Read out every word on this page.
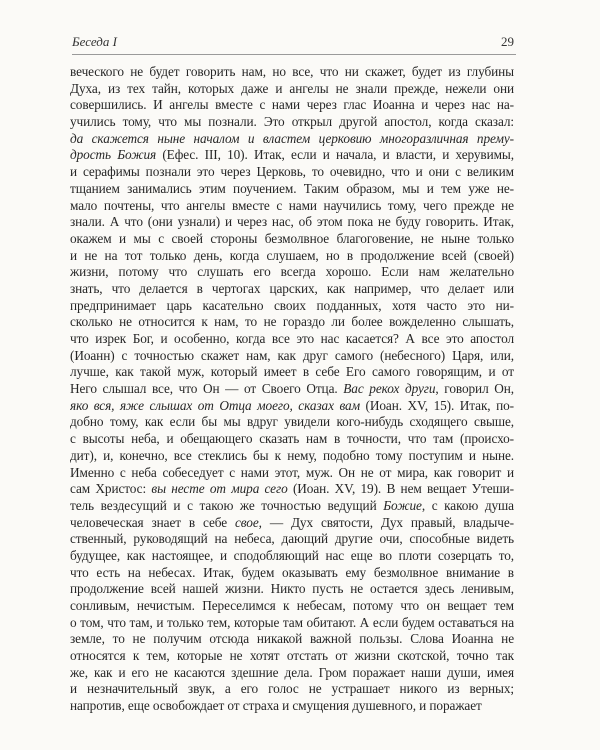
Беседа I	29
веческого не будет говорить нам, но все, что ни скажет, будет из глубины
Духа, из тех тайн, которых даже и ангелы не знали прежде, нежели они
совершились. И ангелы вместе с нами через глас Иоанна и через нас на-
учились тому, что мы познали. Это открыл другой апостол, когда сказал:
да скажется ныне началом и властем церковию многоразличная прему-
дрость Божия (Ефес. III, 10). Итак, если и начала, и власти, и херувимы,
и серафимы познали это через Церковь, то очевидно, что и они с великим
тщанием занимались этим поучением. Таким образом, мы и тем уже не-
мало почтены, что ангелы вместе с нами научились тому, чего прежде не
знали. А что (они узнали) и через нас, об этом пока не буду говорить. Итак,
окажем и мы с своей стороны безмолвное благоговение, не ныне только
и не на тот только день, когда слушаем, но в продолжение всей (своей)
жизни, потому что слушать его всегда хорошо. Если нам желательно
знать, что делается в чертогах царских, как например, что делает или
предпринимает царь касательно своих подданных, хотя часто это ни-
сколько не относится к нам, то не гораздо ли более вожделенно слышать,
что изрек Бог, и особенно, когда все это нас касается? А все это апостол
(Иоанн) с точностью скажет нам, как друг самого (небесного) Царя, или,
лучше, как такой муж, который имеет в себе Его самого говорящим, и от
Него слышал все, что Он — от Своего Отца. Вас рекох други, говорил Он,
яко вся, яже слышах от Отца моего, сказах вам (Иоан. XV, 15). Итак, по-
добно тому, как если бы мы вдруг увидели кого-нибудь сходящего свыше,
с высоты неба, и обещающего сказать нам в точности, что там (происхо-
дит), и, конечно, все стеклись бы к нему, подобно тому поступим и ныне.
Именно с неба собеседует с нами этот, муж. Он не от мира, как говорит и
сам Христос: вы несте от мира сего (Иоан. XV, 19). В нем вещает Утеши-
тель вездесущий и с такою же точностью ведущий Божие, с какою душа
человеческая знает в себе свое, — Дух святости, Дух правый, владыче-
ственный, руководящий на небеса, дающий другие очи, способные видеть
будущее, как настоящее, и сподобляющий нас еще во плоти созерцать то,
что есть на небесах. Итак, будем оказывать ему безмолвное внимание в
продолжение всей нашей жизни. Никто пусть не остается здесь ленивым,
сонливым, нечистым. Переселимся к небесам, потому что он вещает тем
о том, что там, и только тем, которые там обитают. А если будем оставаться на
земле, то не получим отсюда никакой важной пользы. Слова Иоанна не
относятся к тем, которые не хотят отстать от жизни скотской, точно так
же, как и его не касаются здешние дела. Гром поражает наши души, имея
и незначительный звук, а его голос не устрашает никого из верных;
напротив, еще освобождает от страха и смущения душевного, и поражает
